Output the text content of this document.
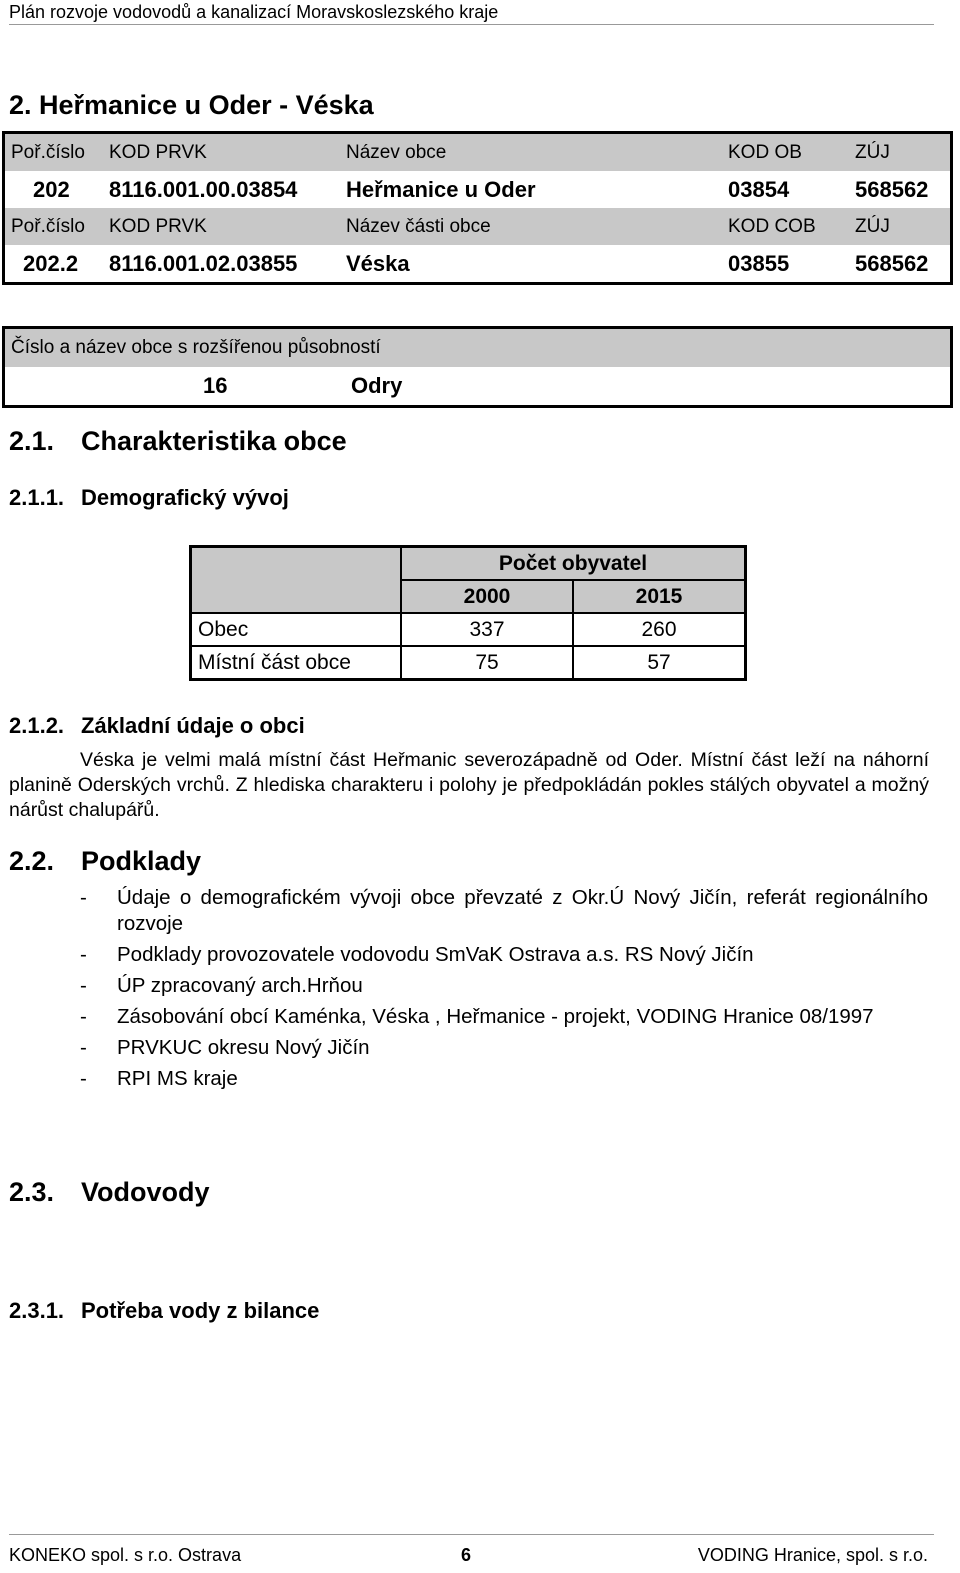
Plán rozvoje vodovodů a kanalizací Moravskoslezského kraje
2. Heřmanice u Oder - Véska
Poř.číslo	KOD PRVK	Název obce	KOD OB	ZÚJ
202	8116.001.00.03854	Heřmanice u Oder	03854	568562
Poř.číslo	KOD PRVK	Název části obce	KOD COB	ZÚJ
202.2	8116.001.02.03855	Véska	03855	568562
Číslo a název obce s rozšířenou působností
	16	Odry
2.1. Charakteristika obce
2.1.1. Demografický vývoj
	Počet obyvatel	
	2000	2015
Obec	337	260
Místní část obce	75	57
2.1.2. Základní údaje o obci
Véska je velmi malá místní část Heřmanic severozápadně od Oder. Místní část leží na náhorní planině Oderských vrchů. Z hlediska charakteru i polohy je předpokládán pokles stálých obyvatel a možný nárůst chalupářů.
2.2. Podklady
- Údaje o demografickém vývoji obce převzaté z Okr.Ú Nový Jičín, referát regionálního rozvoje
- Podklady provozovatele vodovodu SmVaK Ostrava a.s. RS Nový Jičín
- ÚP zpracovaný arch.Hrňou
- Zásobování obcí Kaménka, Véska , Heřmanice - projekt, VODING Hranice 08/1997
- PRVKUC okresu Nový Jičín
- RPI MS kraje
2.3. Vodovody
2.3.1. Potřeba vody z bilance
KONEKO spol. s r.o. Ostrava	6	VODING Hranice, spol. s r.o.
